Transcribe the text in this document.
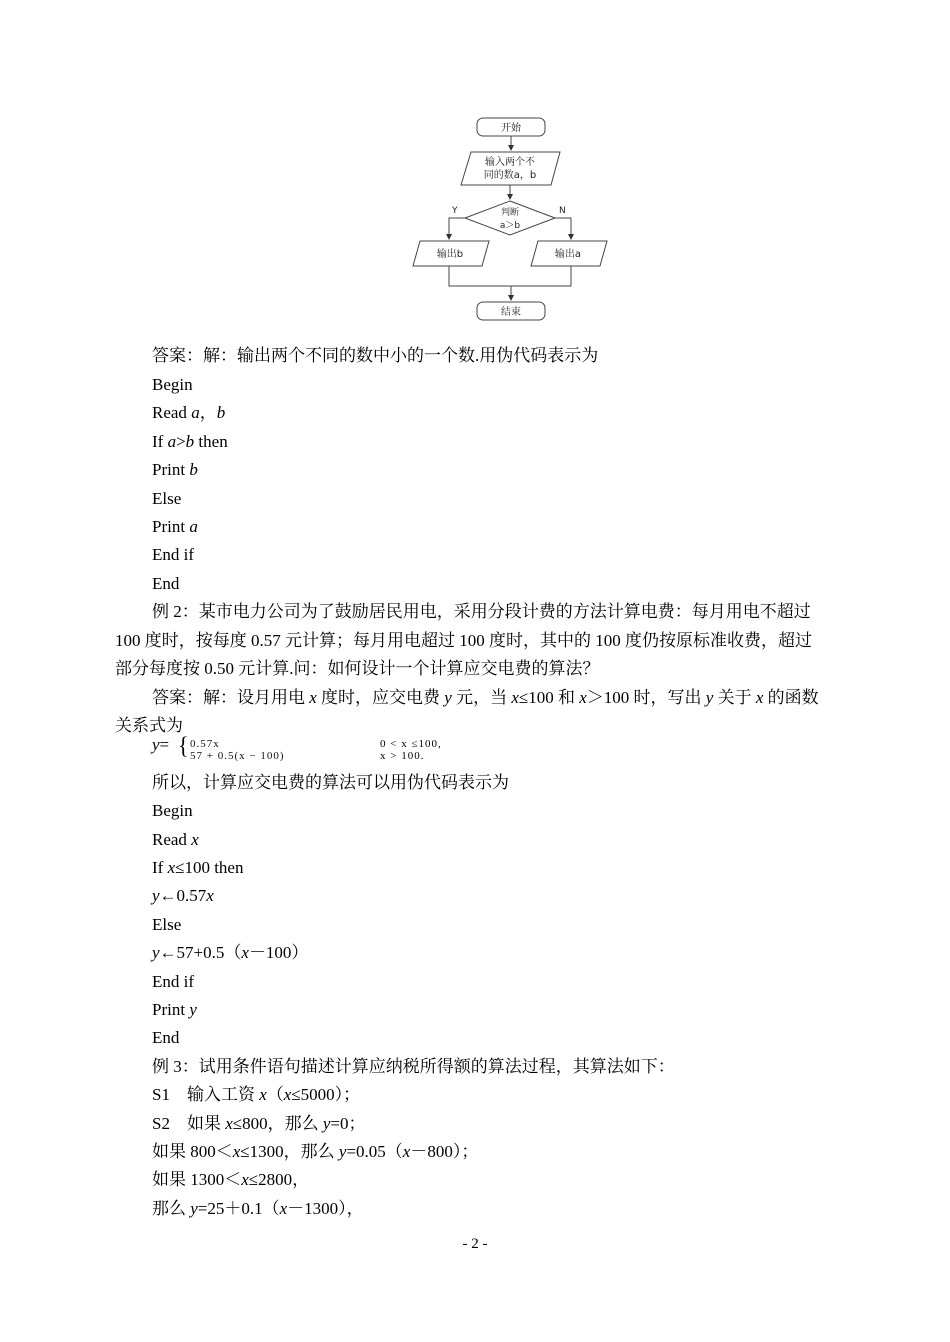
开始
输入两个不
同的数a，b
判断
a＞b
Y	N
输出b	输出a
结束
答案：解：输出两个不同的数中小的一个数.用伪代码表示为
Begin
Read a，b
If a>b then
Print b
Else
Print a
End if
End
例 2：某市电力公司为了鼓励居民用电，采用分段计费的方法计算电费：每月用电不超过
100 度时，按每度 0.57 元计算；每月用电超过 100 度时，其中的 100 度仍按原标准收费，超过
部分每度按 0.50 元计算.问：如何设计一个计算应交电费的算法？
答案：解：设月用电 x 度时，应交电费 y 元，当 x≤100 和 x＞100 时，写出 y 关于 x 的函数
关系式为
y= { 0.57x
57 + 0.5(x − 100)
0 < x ≤100,
x > 100.
所以，计算应交电费的算法可以用伪代码表示为
Begin
Read x
If x≤100 then
y←0.57x
Else
y←57+0.5（x－100）
End if
Print y
End
例 3：试用条件语句描述计算应纳税所得额的算法过程，其算法如下：
S1　输入工资 x（x≤5000）；
S2　如果 x≤800，那么 y=0；
如果 800＜x≤1300，那么 y=0.05（x－800）；
如果 1300＜x≤2800，
那么 y=25＋0.1（x－1300），
- 2 -
